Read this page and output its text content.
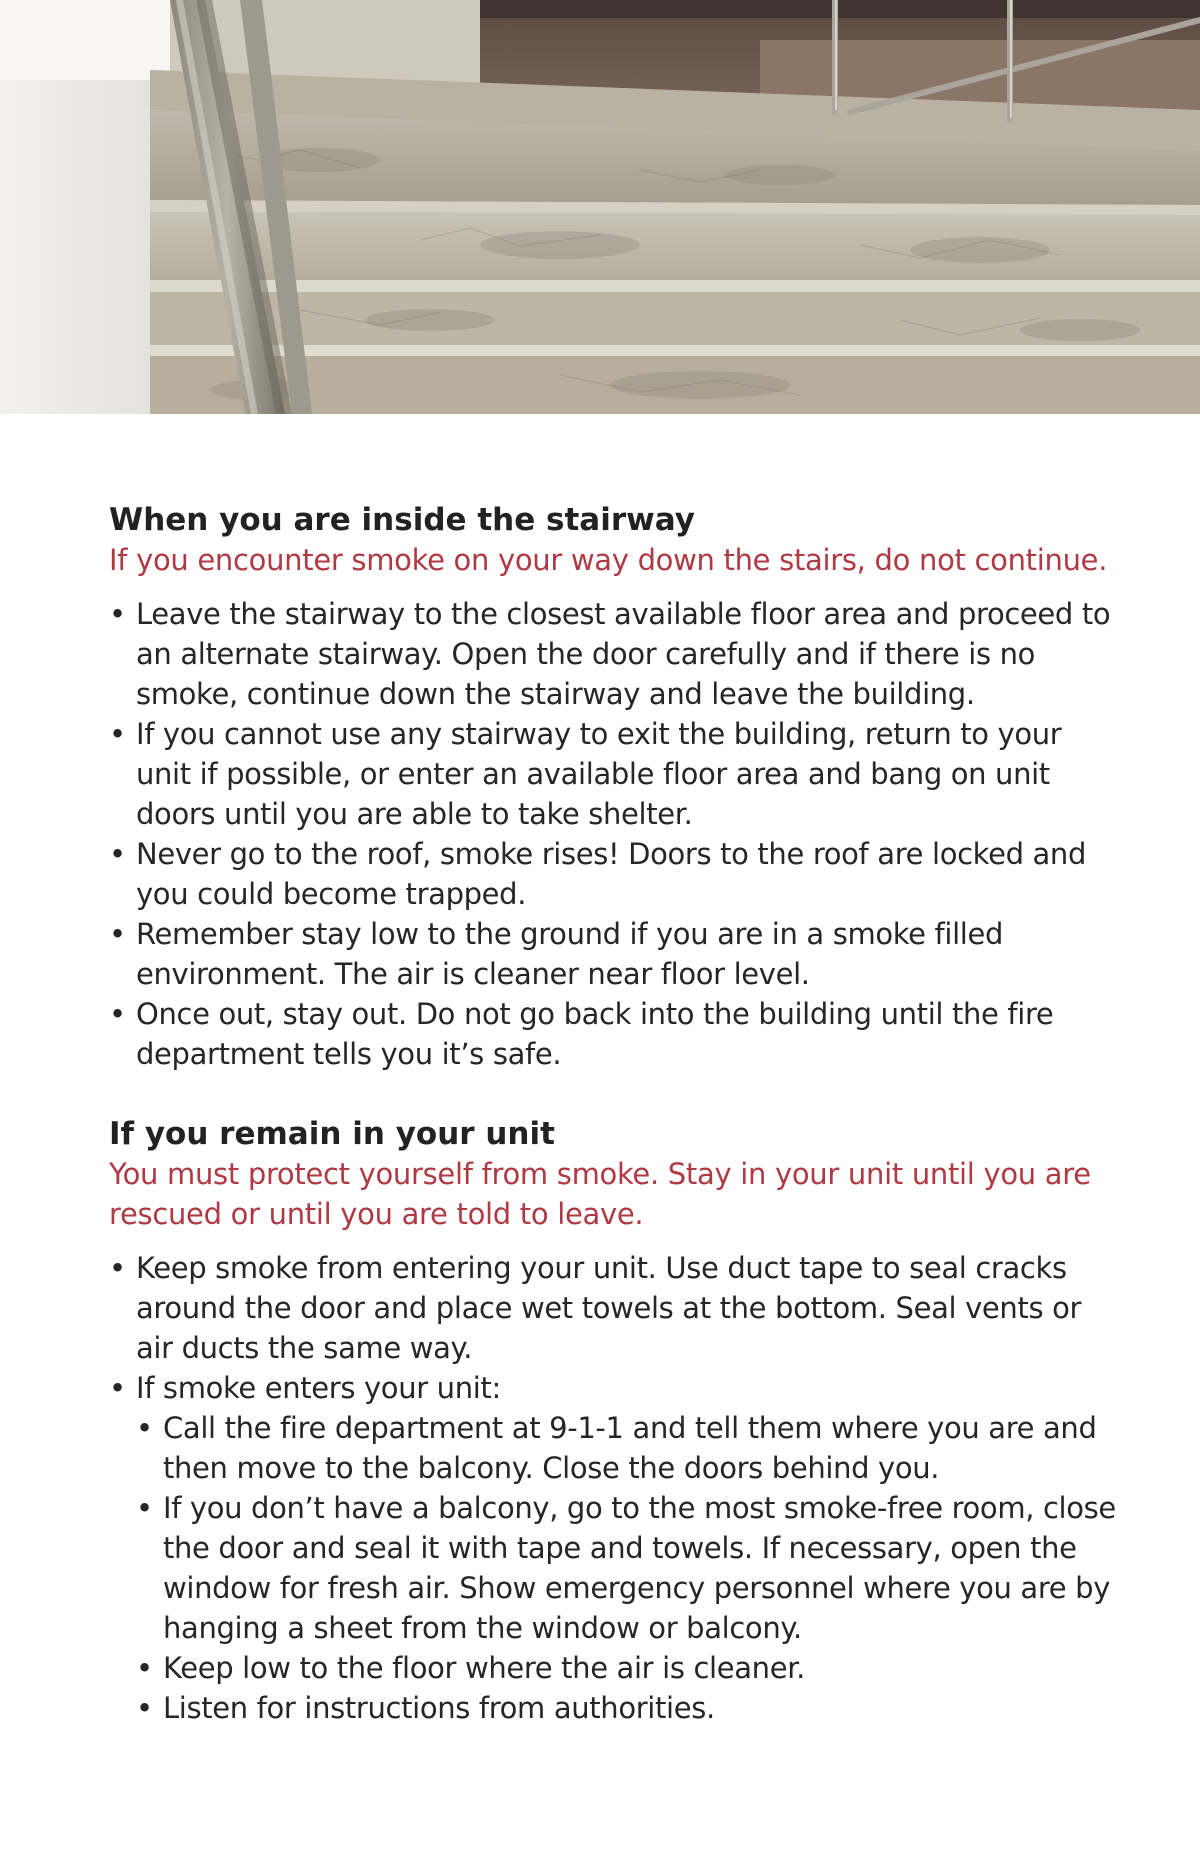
When you are inside the stairway

If you encounter smoke on your way down the stairs, do not continue.

• Leave the stairway to the closest available floor area and proceed to an alternate stairway. Open the door carefully and if there is no smoke, continue down the stairway and leave the building.
• If you cannot use any stairway to exit the building, return to your unit if possible, or enter an available floor area and bang on unit doors until you are able to take shelter.
• Never go to the roof, smoke rises! Doors to the roof are locked and you could become trapped.
• Remember stay low to the ground if you are in a smoke filled environment. The air is cleaner near floor level.
• Once out, stay out. Do not go back into the building until the fire department tells you it’s safe.
If you remain in your unit

You must protect yourself from smoke. Stay in your unit until you are rescued or until you are told to leave.

• Keep smoke from entering your unit. Use duct tape to seal cracks around the door and place wet towels at the bottom. Seal vents or air ducts the same way.
• If smoke enters your unit:
• Call the fire department at 9-1-1 and tell them where you are and then move to the balcony. Close the doors behind you.
• If you don’t have a balcony, go to the most smoke-free room, close the door and seal it with tape and towels. If necessary, open the window for fresh air. Show emergency personnel where you are by hanging a sheet from the window or balcony.
• Keep low to the floor where the air is cleaner.
• Listen for instructions from authorities.
